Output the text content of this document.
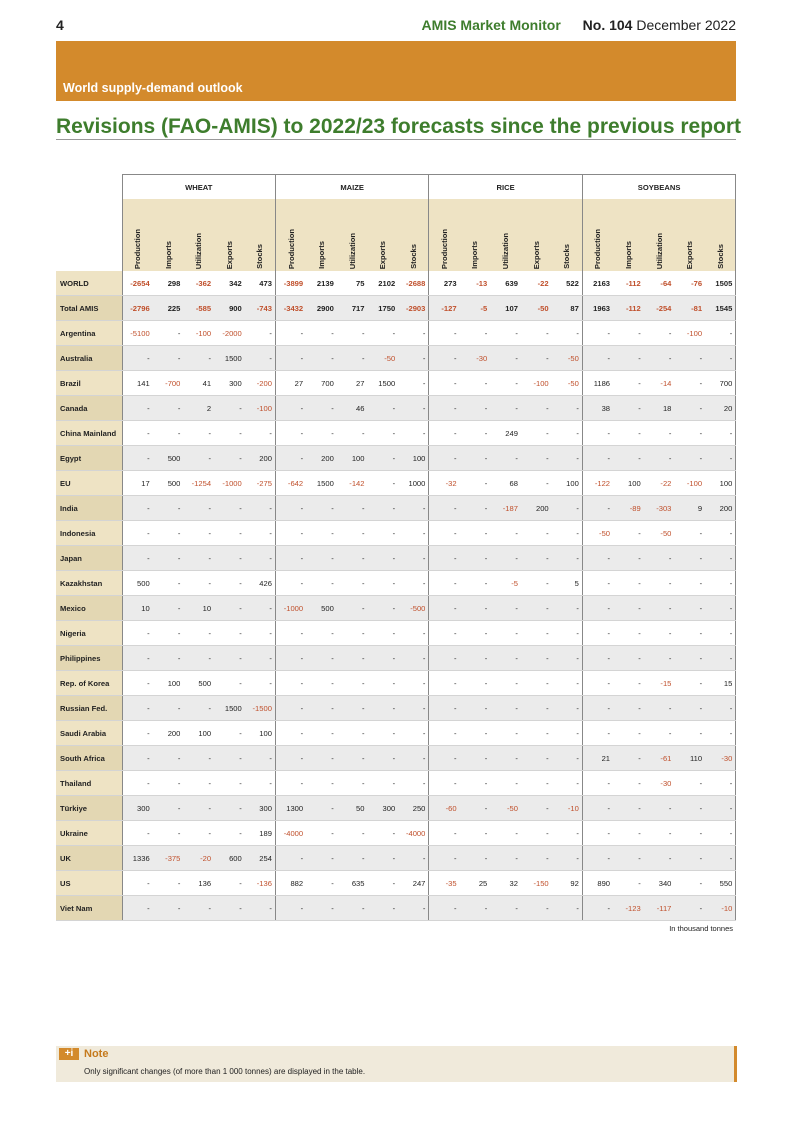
4	AMIS Market Monitor No. 104 December 2022
World supply-demand outlook
Revisions (FAO-AMIS) to 2022/23 forecasts since the previous report
	WHEAT					MAIZE					RICE					SOYBEANS				
	Production	Imports	Utilization	Exports	Stocks	Production	Imports	Utilization	Exports	Stocks	Production	Imports	Utilization	Exports	Stocks	Production	Imports	Utilization	Exports	Stocks
WORLD	-2654	298	-362	342	473	-3899	2139	75	2102	-2688	273	-13	639	-22	522	2163	-112	-64	-76	1505
Total AMIS	-2796	225	-585	900	-743	-3432	2900	717	1750	-2903	-127	-5	107	-50	87	1963	-112	-254	-81	1545
Argentina	-5100	-	-100	-2000	-	-	-	-	-	-	-	-	-	-	-	-	-	-	-100	-
Australia	-	-	-	1500	-	-	-	-	-50	-	-	-30	-	-	-50	-	-	-	-	-
Brazil	141	-700	41	300	-200	27	700	27	1500	-	-	-	-	-100	-50	1186	-	-14	-	700
Canada	-	-	2	-	-100	-	-	46	-	-	-	-	-	-	-	38	-	18	-	20
China Mainland	-	-	-	-	-	-	-	-	-	-	-	-	249	-	-	-	-	-	-	-
Egypt	-	500	-	-	200	-	200	100	-	100	-	-	-	-	-	-	-	-	-	-
EU	17	500	-1254	-1000	-275	-642	1500	-142	-	1000	-32	-	68	-	100	-122	100	-22	-100	100
India	-	-	-	-	-	-	-	-	-	-	-	-	-187	200	-	-	-89	-303	9	200
Indonesia	-	-	-	-	-	-	-	-	-	-	-	-	-	-	-	-50	-	-50	-	-
Japan	-	-	-	-	-	-	-	-	-	-	-	-	-	-	-	-	-	-	-	-
Kazakhstan	500	-	-	-	426	-	-	-	-	-	-	-	-5	-	5	-	-	-	-	-
Mexico	10	-	10	-	-	-1000	500	-	-	-500	-	-	-	-	-	-	-	-	-	-
Nigeria	-	-	-	-	-	-	-	-	-	-	-	-	-	-	-	-	-	-	-	-
Philippines	-	-	-	-	-	-	-	-	-	-	-	-	-	-	-	-	-	-	-	-
Rep. of Korea	-	100	500	-	-	-	-	-	-	-	-	-	-	-	-	-	-	-15	-	15
Russian Fed.	-	-	-	1500	-1500	-	-	-	-	-	-	-	-	-	-	-	-	-	-	-
Saudi Arabia	-	200	100	-	100	-	-	-	-	-	-	-	-	-	-	-	-	-	-	-
South Africa	-	-	-	-	-	-	-	-	-	-	-	-	-	-	-	21	-	-61	110	-30
Thailand	-	-	-	-	-	-	-	-	-	-	-	-	-	-	-	-	-	-30	-	-
Türkiye	300	-	-	-	300	1300	-	50	300	250	-60	-	-50	-	-10	-	-	-	-	-
Ukraine	-	-	-	-	189	-4000	-	-	-	-4000	-	-	-	-	-	-	-	-	-	-
UK	1336	-375	-20	600	254	-	-	-	-	-	-	-	-	-	-	-	-	-	-	-
US	-	-	136	-	-136	882	-	635	-	247	-35	25	32	-150	92	890	-	340	-	550
Viet Nam	-	-	-	-	-	-	-	-	-	-	-	-	-	-	-	-	-123	-117	-	-10
In thousand tonnes
+i Note
Only significant changes (of more than 1 000 tonnes) are displayed in the table.
